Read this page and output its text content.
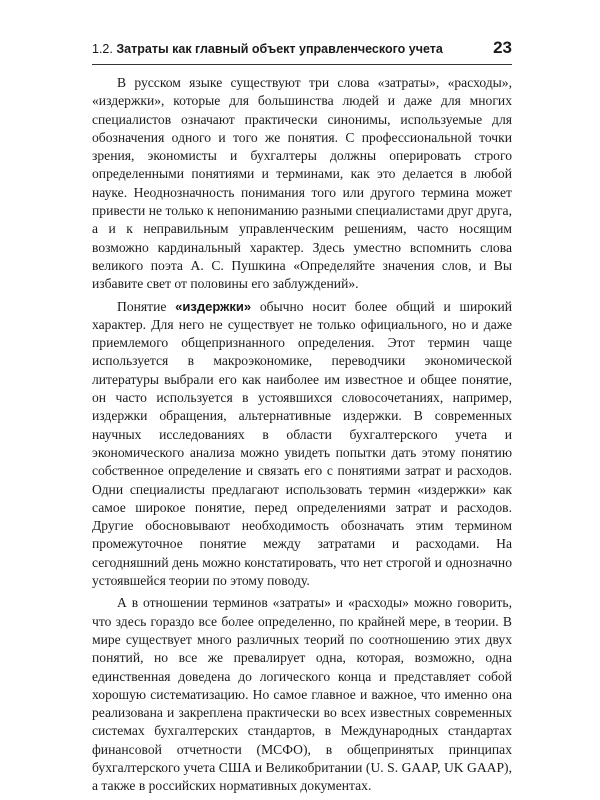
1.2. Затраты как главный объект управленческого учета	23

В русском языке существуют три слова «затраты», «расходы», «издержки», которые для большинства людей и даже для многих специалистов означают практически синонимы, используемые для обозначения одного и того же понятия. С профессиональной точки зрения, экономисты и бухгалтеры должны оперировать строго определенными понятиями и терминами, как это делается в любой науке. Неоднозначность понимания того или другого термина может привести не только к непониманию разными специалистами друг друга, а и к неправильным управленческим решениям, часто носящим возможно кардинальный характер. Здесь уместно вспомнить слова великого поэта А. С. Пушкина «Определяйте значения слов, и Вы избавите свет от половины его заблуждений».

Понятие «издержки» обычно носит более общий и широкий характер. Для него не существует не только официального, но и даже приемлемого общепризнанного определения. Этот термин чаще используется в макроэкономике, переводчики экономической литературы выбрали его как наиболее им известное и общее понятие, он часто используется в устоявшихся словосочетаниях, например, издержки обращения, альтернативные издержки. В современных научных исследованиях в области бухгалтерского учета и экономического анализа можно увидеть попытки дать этому понятию собственное определение и связать его с понятиями затрат и расходов. Одни специалисты предлагают использовать термин «издержки» как самое широкое понятие, перед определениями затрат и расходов. Другие обосновывают необходимость обозначать этим термином промежуточное понятие между затратами и расходами. На сегодняшний день можно констатировать, что нет строгой и однозначно устоявшейся теории по этому поводу.

А в отношении терминов «затраты» и «расходы» можно говорить, что здесь гораздо все более определенно, по крайней мере, в теории. В мире существует много различных теорий по соотношению этих двух понятий, но все же превалирует одна, которая, возможно, одна единственная доведена до логического конца и представляет собой хорошую систематизацию. Но самое главное и важное, что именно она реализована и закреплена практически во всех известных современных системах бухгалтерских стандартов, в Международных стандартах финансовой отчетности (МСФО), в общепринятых принципах бухгалтерского учета США и Великобритании (U. S. GAAP, UK GAAP), а также в российских нормативных документах.
